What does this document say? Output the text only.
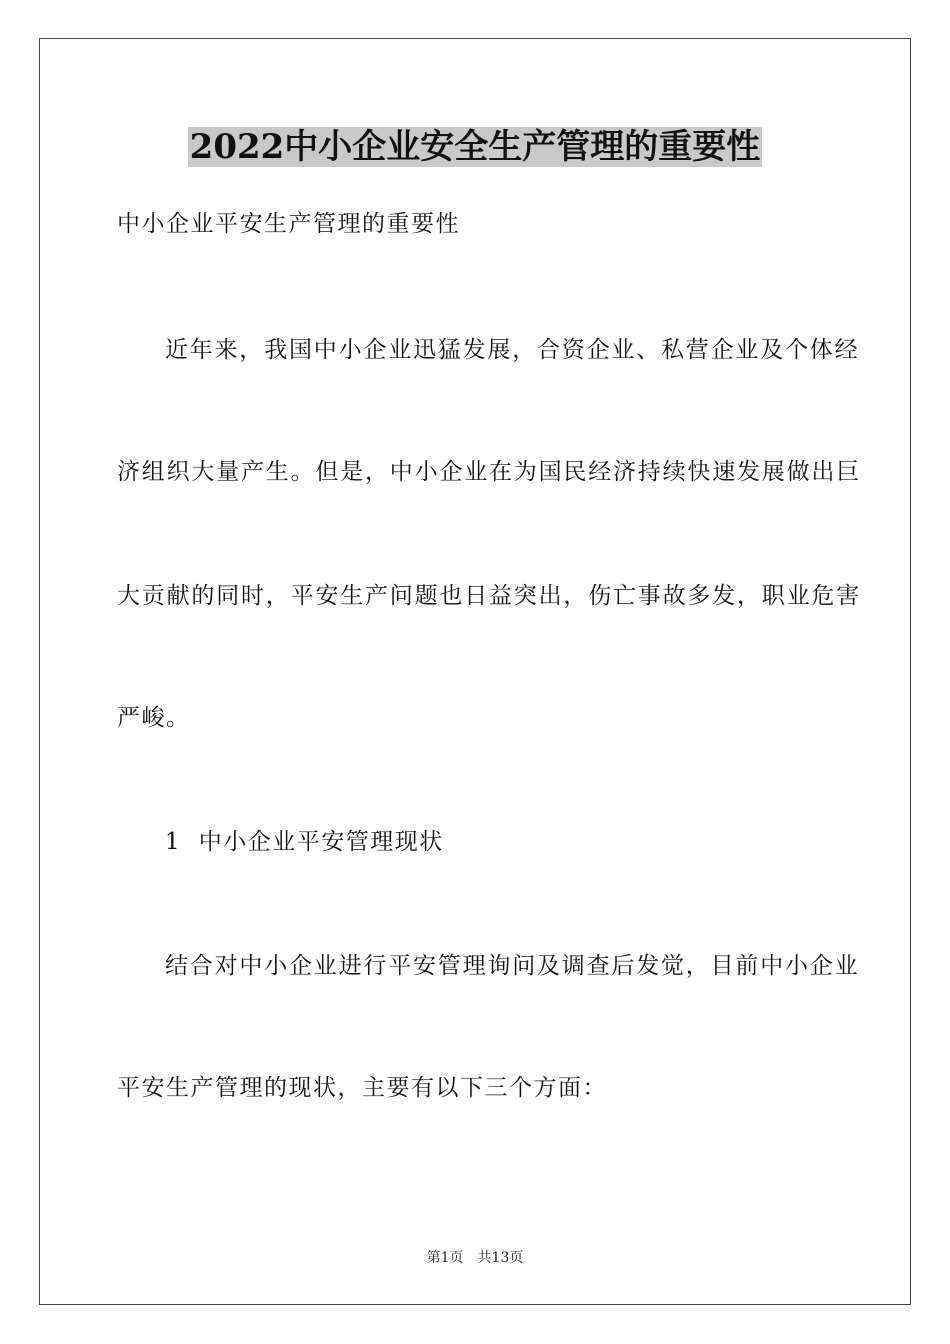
2022中小企业安全生产管理的重要性
中小企业平安生产管理的重要性
近年来，我国中小企业迅猛发展，合资企业、私营企业及个体经
济组织大量产生。但是，中小企业在为国民经济持续快速发展做出巨
大贡献的同时，平安生产问题也日益突出，伤亡事故多发，职业危害
严峻。
1  中小企业平安管理现状
结合对中小企业进行平安管理询问及调查后发觉，目前中小企业
平安生产管理的现状，主要有以下三个方面：
第1页 共13页
